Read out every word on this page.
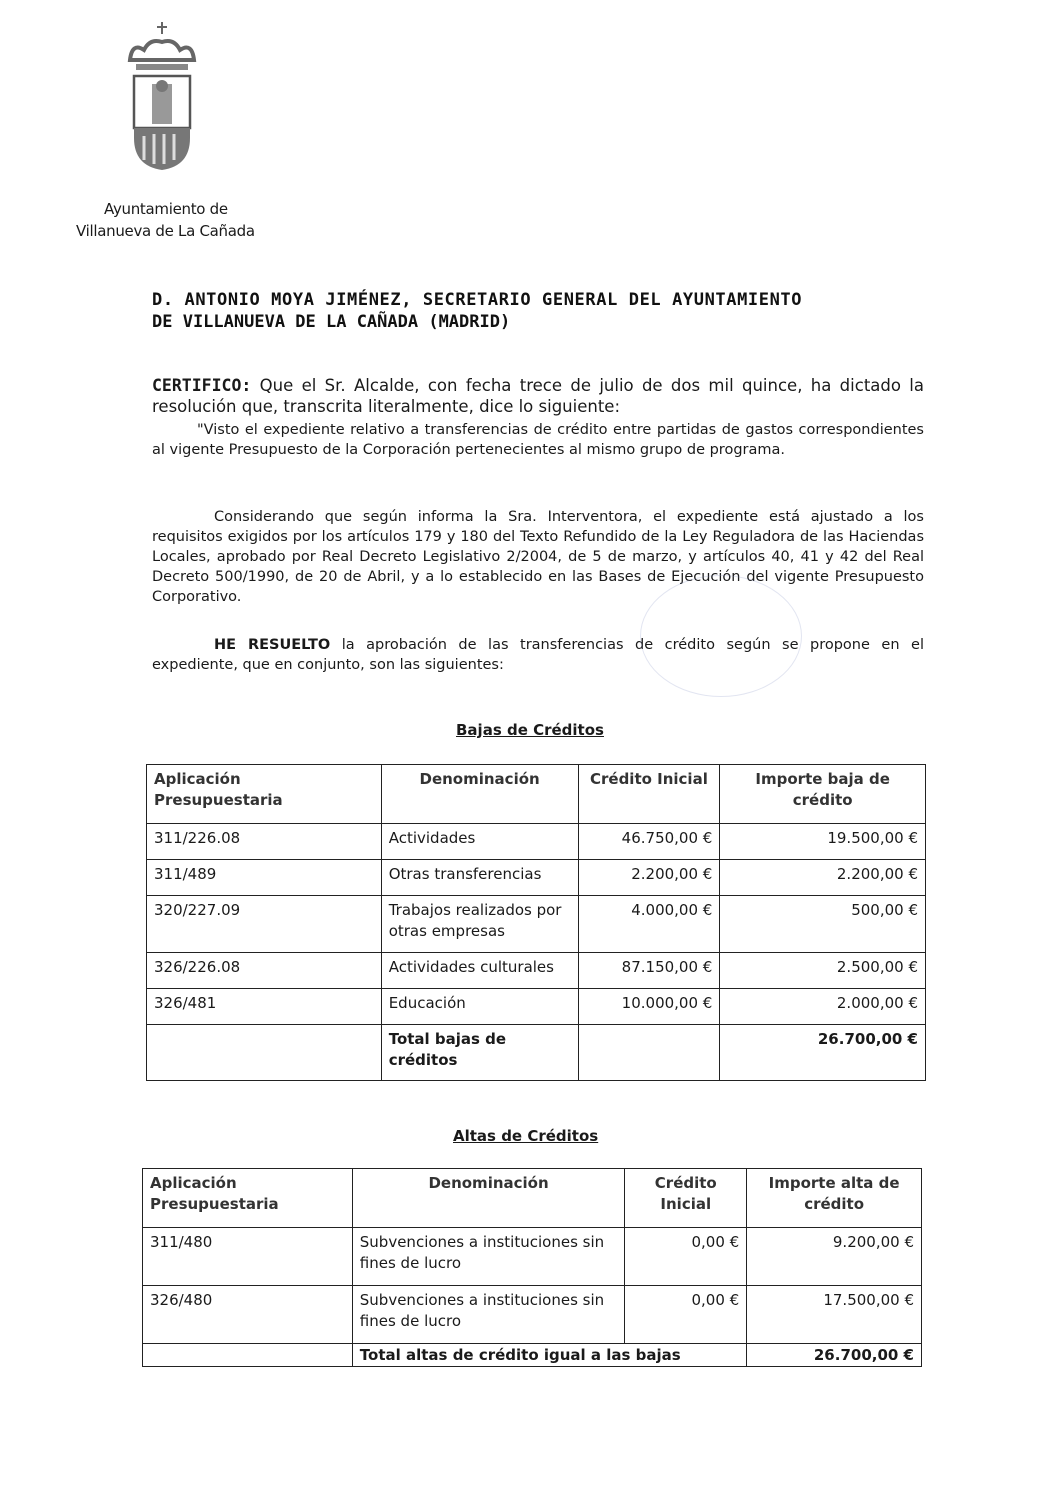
Ayuntamiento de
Villanueva de La Cañada
D. ANTONIO MOYA JIMÉNEZ, SECRETARIO GENERAL DEL AYUNTAMIENTO
DE VILLANUEVA DE LA CAÑADA (MADRID)
CERTIFICO: Que el Sr. Alcalde, con fecha trece de julio de dos mil quince, ha dictado la resolución que, transcrita literalmente, dice lo siguiente:
"Visto el expediente relativo a transferencias de crédito entre partidas de gastos correspondientes al vigente Presupuesto de la Corporación pertenecientes al mismo grupo de programa.
Considerando que según informa la Sra. Interventora, el expediente está ajustado a los requisitos exigidos por los artículos 179 y 180 del Texto Refundido de la Ley Reguladora de las Haciendas Locales, aprobado por Real Decreto Legislativo 2/2004, de 5 de marzo, y artículos 40, 41 y 42 del Real Decreto 500/1990, de 20 de Abril, y a lo establecido en las Bases de Ejecución del vigente Presupuesto Corporativo.
HE RESUELTO la aprobación de las transferencias de crédito según se propone en el expediente, que en conjunto, son las siguientes:
Bajas de Créditos
Aplicación Presupuestaria	Denominación	Crédito Inicial	Importe baja de crédito
311/226.08	Actividades	46.750,00 €	19.500,00 €
311/489	Otras transferencias	2.200,00 €	2.200,00 €
320/227.09	Trabajos realizados por otras empresas	4.000,00 €	500,00 €
326/226.08	Actividades culturales	87.150,00 €	2.500,00 €
326/481	Educación	10.000,00 €	2.000,00 €
	Total bajas de créditos		26.700,00 €
Altas de Créditos
Aplicación Presupuestaria	Denominación	Crédito Inicial	Importe alta de crédito
311/480	Subvenciones a instituciones sin fines de lucro	0,00 €	9.200,00 €
326/480	Subvenciones a instituciones sin fines de lucro	0,00 €	17.500,00 €
	Total altas de crédito igual a las bajas		26.700,00 €
